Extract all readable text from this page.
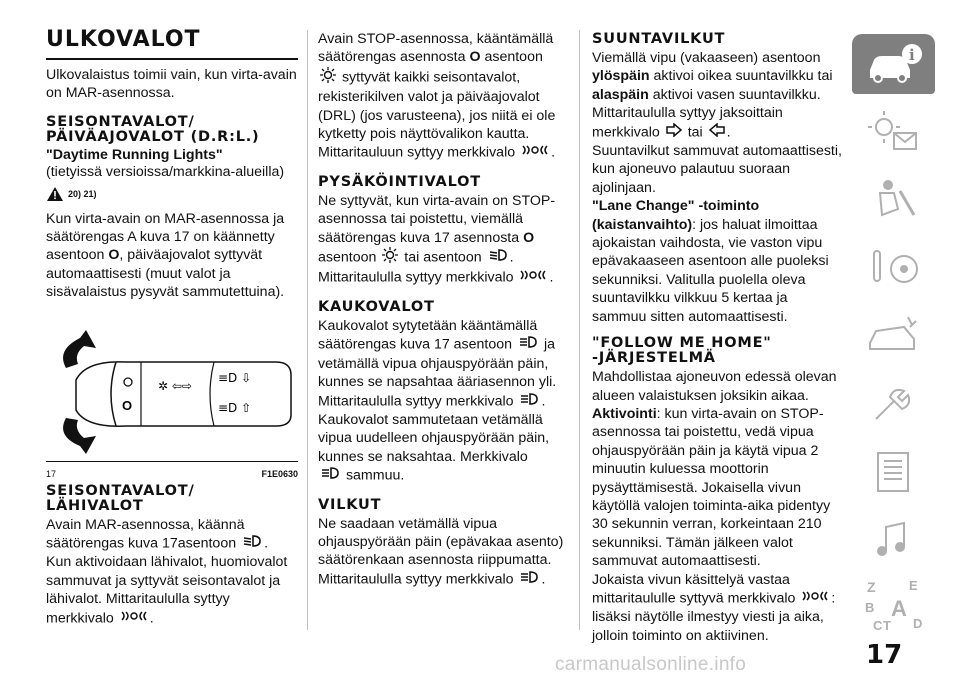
ULKOVALOT

Ulkovalaistus toimii vain, kun virta-avain on MAR-asennossa.

SEISONTAVALOT/
PÄIVÄAJOVALOT (D.R:L.)

"Daytime Running Lights"

(tietyissä versioissa/markkina-alueilla)

20) 21)

Kun virta-avain on MAR-asennossa ja säätörengas A kuva 17 on käännetty asentoon O, päiväajovalot syttyvät automaattisesti (muut valot ja sisävalaistus pysyvät sammutettuina).

O
✲ ⇦⇨
≡D ⇩
≡D ⇧
17	F1E0630
SEISONTAVALOT/
LÄHIVALOT

Avain MAR-asennossa, käännä säätörengas kuva 17asentoon .

Kun aktivoidaan lähivalot, huomiovalot sammuvat ja syttyvät seisontavalot ja lähivalot. Mittaritaululla syttyy merkkivalo	.

Avain STOP-asennossa, kääntämällä säätörengas asennosta O asentoon  syttyvät kaikki seisontavalot, rekisterikilven valot ja päiväajovalot (DRL) (jos varusteena), jos niitä ei ole kytketty pois näyttövalikon kautta. Mittaritauluun syttyy merkkivalo	.

PYSÄKÖINTIVALOT

Ne syttyvät, kun virta-avain on STOP-asennossa tai poistettu, viemällä säätörengas kuva 17 asennosta O asentoon tai asentoon . Mittaritaululla syttyy merkkivalo	.

KAUKOVALOT

Kaukovalot sytytetään kääntämällä säätörengas kuva 17 asentoon ja vetämällä vipua ohjauspyörään päin, kunnes se napsahtaa ääriasennon yli. Mittaritaululla syttyy merkkivalo . Kaukovalot sammutetaan vetämällä vipua uudelleen ohjauspyörään päin, kunnes se naksahtaa. Merkkivalo
sammuu.

VILKUT

Ne saadaan vetämällä vipua ohjauspyörään päin (epävakaa asento) säätörenkaan asennosta riippumatta. Mittaritaululla syttyy merkkivalo .

SUUNTAVILKUT

Viemällä vipu (vakaaseen) asentoon ylöspäin aktivoi oikea suuntavilkku tai alaspäin aktivoi vasen suuntavilkku. Mittaritaululla syttyy jaksoittain merkkivalo tai .

Suuntavilkut sammuvat automaattisesti, kun ajoneuvo palautuu suoraan ajolinjaan.

"Lane Change" -toiminto (kaistanvaihto): jos haluat ilmoittaa ajokaistan vaihdosta, vie vaston vipu epävakaaseen asentoon alle puoleksi sekunniksi. Valitulla puolella oleva suuntavilkku vilkkuu 5 kertaa ja sammuu sitten automaattisesti.

"FOLLOW ME HOME"
-JÄRJESTELMÄ

Mahdollistaa ajoneuvon edessä olevan alueen valaistuksen joksikin aikaa.

Aktivointi: kun virta-avain on STOP-asennossa tai poistettu, vedä vipua ohjauspyörään päin ja käytä vipua 2 minuutin kuluessa moottorin pysäyttämisestä. Jokaisella vivun käytöllä valojen toiminta-aika pidentyy 30 sekunnin verran, korkeintaan 210 sekunniksi. Tämän jälkeen valot sammuvat automaattisesti.

Jokaista vivun käsittelyä vastaa mittaritaululle syttyvä merkkivalo	: lisäksi näytölle ilmestyy viesti ja aika, jolloin toiminto on aktiivinen.

i
Z	E
B A
C T D
17
carmanualsonline.info
